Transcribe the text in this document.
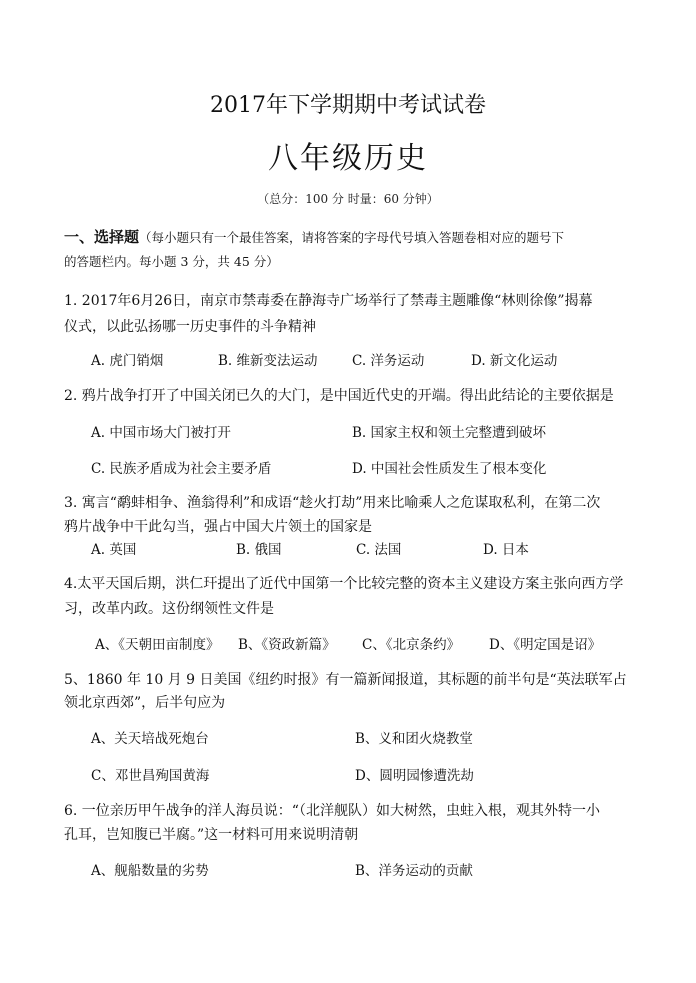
2017年下学期期中考试试卷
八年级历史
（总分：100 分 时量：60 分钟）
一、选择题（每小题只有一个最佳答案，请将答案的字母代号填入答题卷相对应的题号下
的答题栏内。每小题 3 分，共 45 分）
1. 2017年6月26日，南京市禁毒委在静海寺广场举行了禁毒主题雕像“林则徐像”揭幕
仪式，以此弘扬哪一历史事件的斗争精神
A. 虎门销烟	B. 维新变法运动	C. 洋务运动	D. 新文化运动
2. 鸦片战争打开了中国关闭已久的大门，是中国近代史的开端。得出此结论的主要依据是
A. 中国市场大门被打开	B. 国家主权和领土完整遭到破坏
C. 民族矛盾成为社会主要矛盾	D. 中国社会性质发生了根本变化
3. 寓言“鹬蚌相争、渔翁得利”和成语“趁火打劫”用来比喻乘人之危谋取私利，在第二次
鸦片战争中干此勾当，强占中国大片领土的国家是
A. 英国	B. 俄国	C. 法国	D. 日本
4.太平天国后期，洪仁玕提出了近代中国第一个比较完整的资本主义建设方案主张向西方学
习，改革内政。这份纲领性文件是
A、《天朝田亩制度》 B、《资政新篇》 C、《北京条约》 D、《明定国是诏》
5、1860 年 10 月 9 日美国《纽约时报》有一篇新闻报道，其标题的前半句是“英法联军占
领北京西郊”，后半句应为
A、关天培战死炮台	B、义和团火烧教堂
C、邓世昌殉国黄海	D、圆明园惨遭洗劫
6. 一位亲历甲午战争的洋人海员说：“（北洋舰队）如大树然，虫蛀入根，观其外特一小
孔耳，岂知腹已半腐。”这一材料可用来说明清朝
A、舰船数量的劣势	B、洋务运动的贡献
